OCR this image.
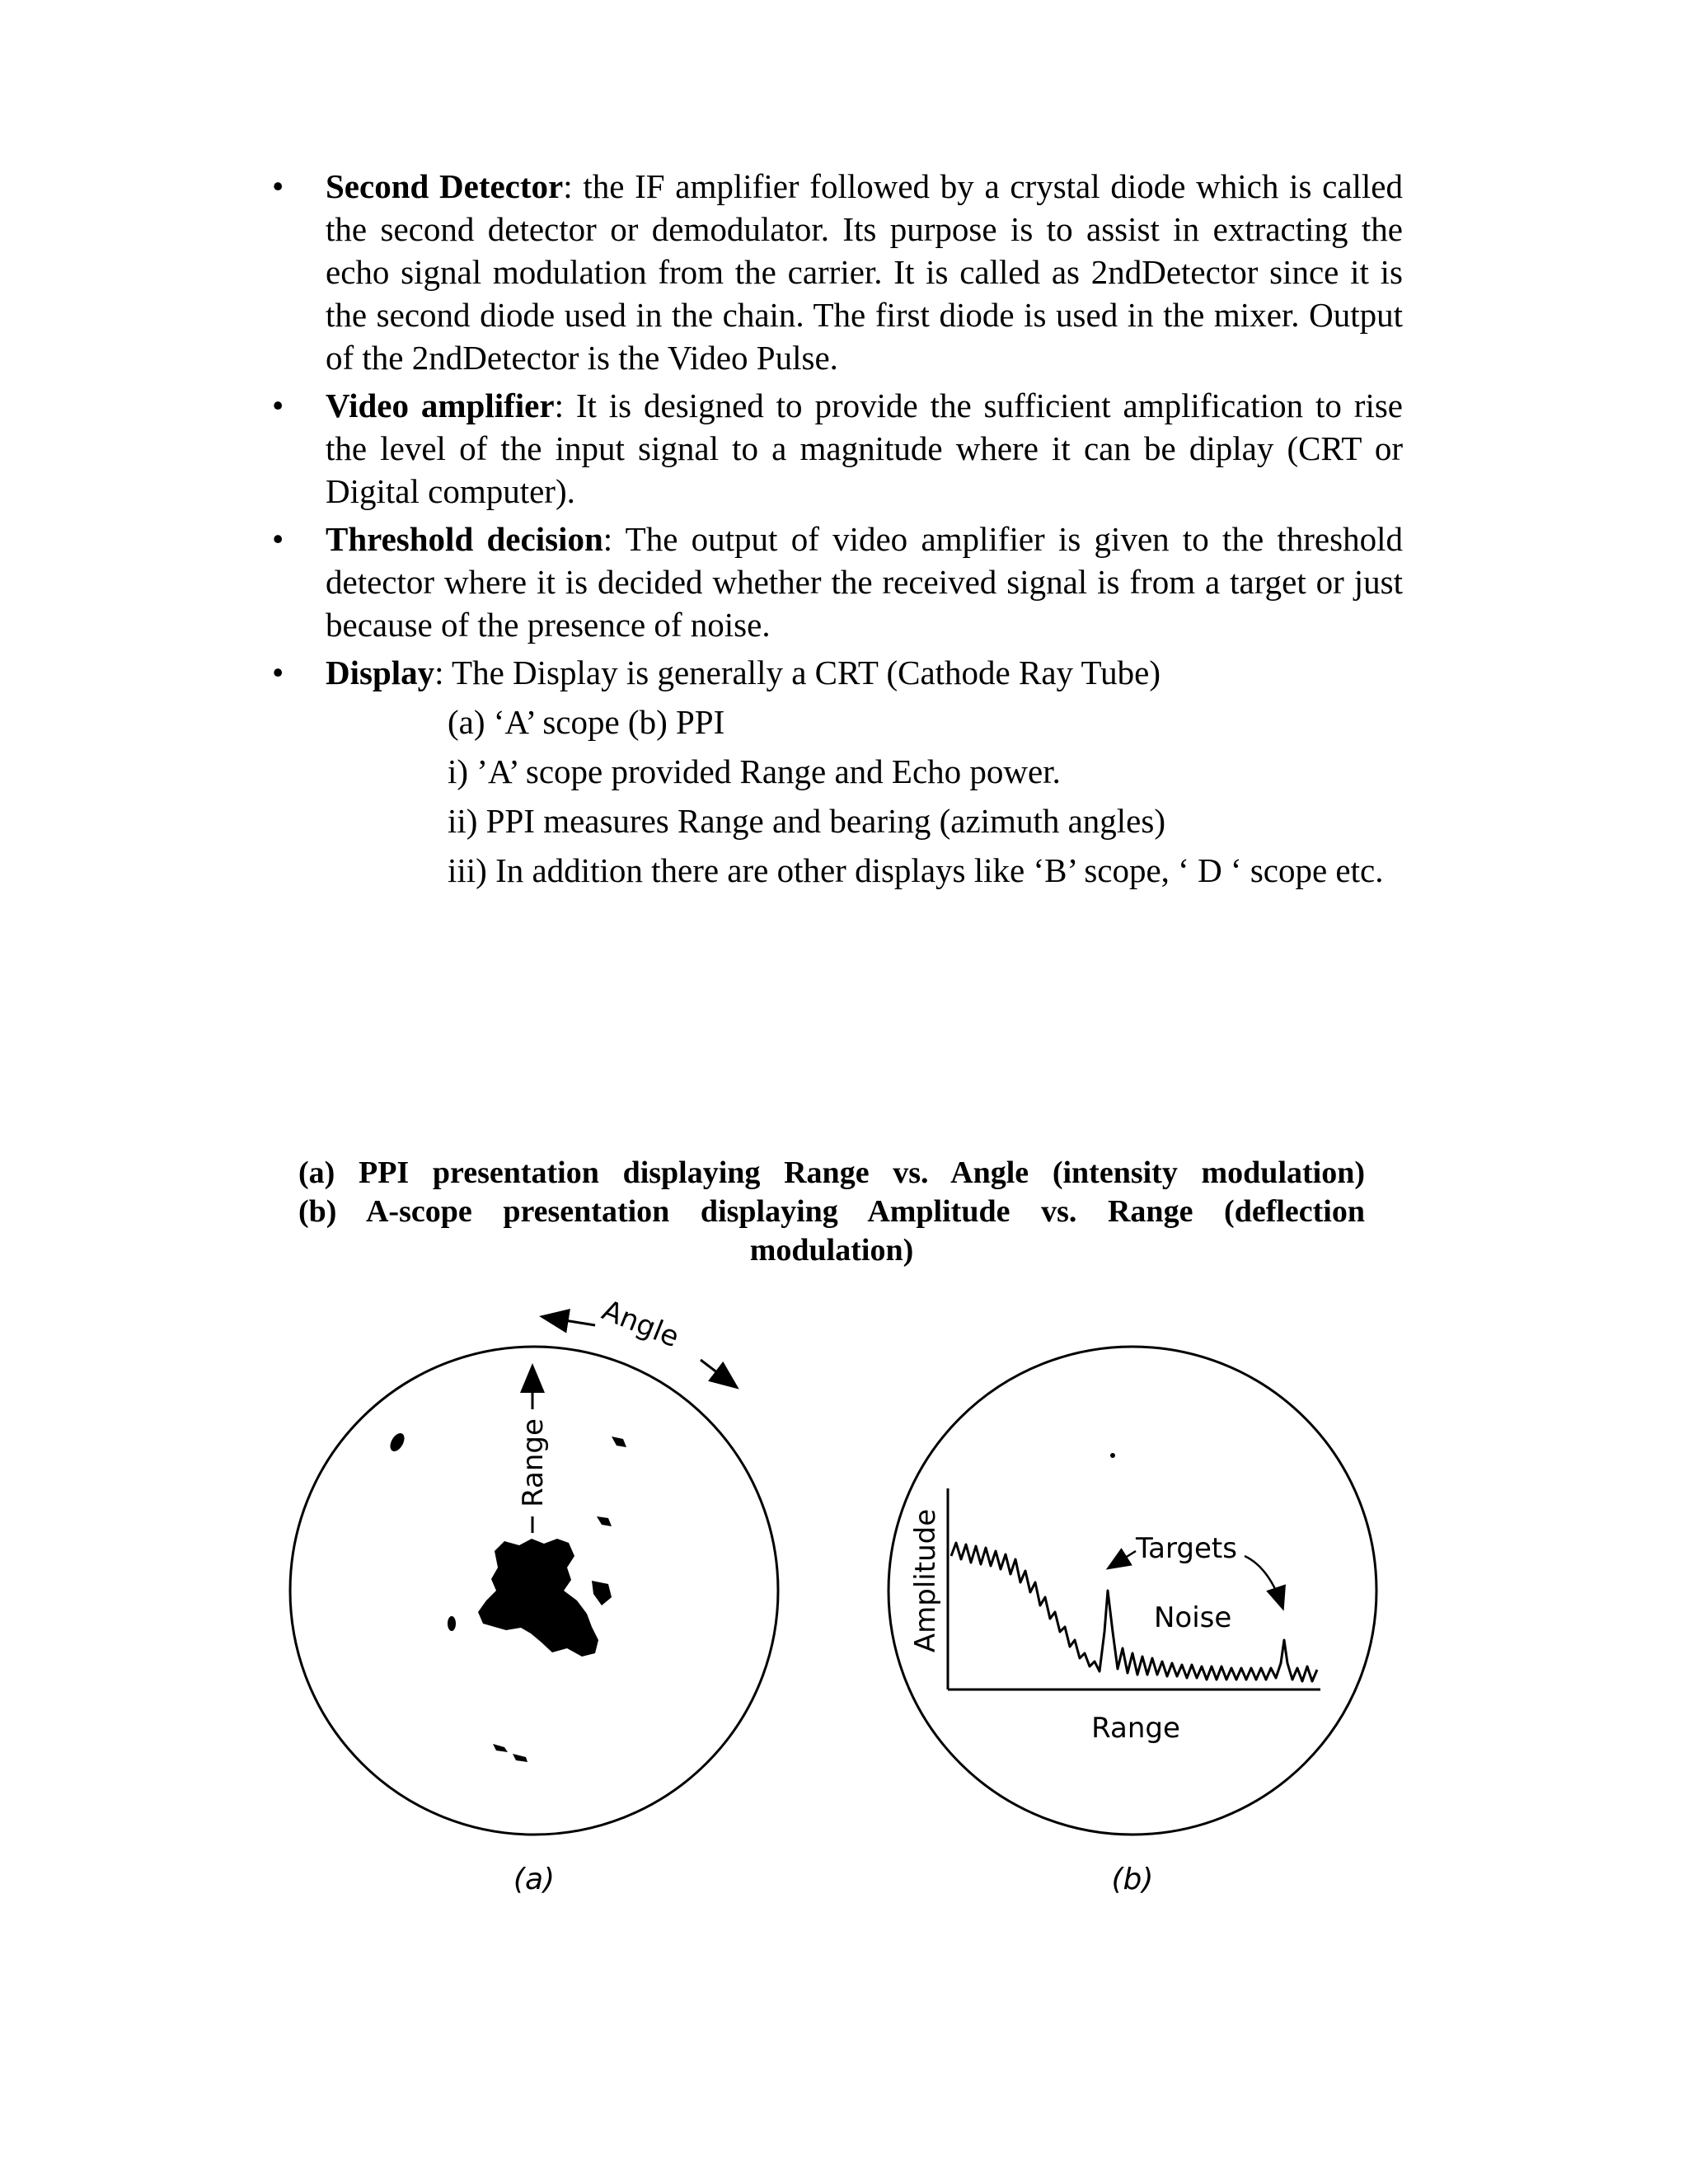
• Second Detector: the IF amplifier followed by a crystal diode which is called the second detector or demodulator. Its purpose is to assist in extracting the echo signal modulation from the carrier. It is called as 2ndDetector since it is the second diode used in the chain. The first diode is used in the mixer. Output of the 2ndDetector is the Video Pulse.
• Video amplifier: It is designed to provide the sufficient amplification to rise the level of the input signal to a magnitude where it can be diplay (CRT or Digital computer).
• Threshold decision: The output of video amplifier is given to the threshold detector where it is decided whether the received signal is from a target or just because of the presence of noise.
• Display: The Display is generally a CRT (Cathode Ray Tube)
(a) ‘A’ scope (b) PPI
i) ’A’ scope provided Range and Echo power.
ii) PPI measures Range and bearing (azimuth angles)
iii) In addition there are other displays like ‘B’ scope, ‘ D ‘ scope etc.
(a) PPI presentation displaying Range vs. Angle (intensity modulation)
(b) A-scope presentation displaying Amplitude vs. Range (deflection
modulation)
Angle
Range
(a)
Targets
Noise
Range
Amplitude
(b)
